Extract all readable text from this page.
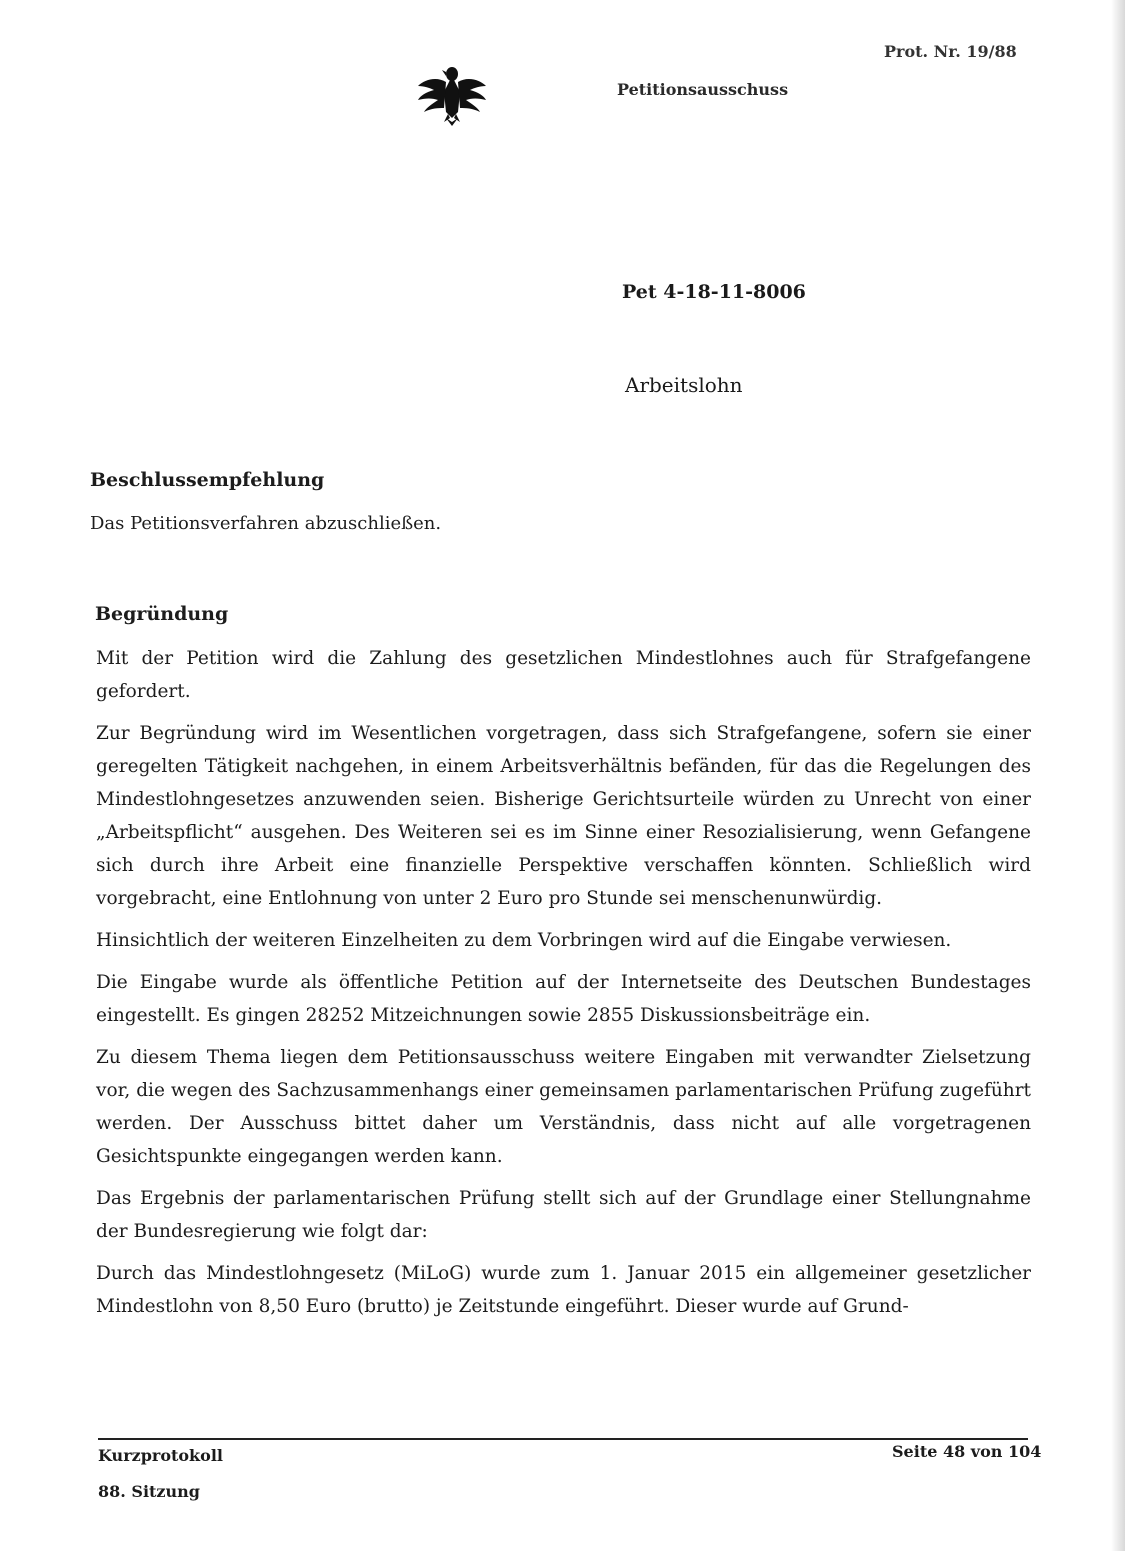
Prot. Nr. 19/88
Petitionsausschuss
Pet 4-18-11-8006
Arbeitslohn
Beschlussempfehlung
Das Petitionsverfahren abzuschließen.
Begründung

Mit der Petition wird die Zahlung des gesetzlichen Mindestlohnes auch für Strafgefangene gefordert.

Zur Begründung wird im Wesentlichen vorgetragen, dass sich Strafgefangene, sofern sie einer geregelten Tätigkeit nachgehen, in einem Arbeitsverhältnis befänden, für das die Regelungen des Mindestlohngesetzes anzuwenden seien. Bisherige Gerichtsurteile würden zu Unrecht von einer „Arbeitspflicht“ ausgehen. Des Weiteren sei es im Sinne einer Resozialisierung, wenn Gefangene sich durch ihre Arbeit eine finanzielle Perspektive verschaffen könnten. Schließlich wird vorgebracht, eine Entlohnung von unter 2 Euro pro Stunde sei menschenunwürdig.

Hinsichtlich der weiteren Einzelheiten zu dem Vorbringen wird auf die Eingabe verwiesen.

Die Eingabe wurde als öffentliche Petition auf der Internetseite des Deutschen Bundestages eingestellt. Es gingen 28252 Mitzeichnungen sowie 2855 Diskussionsbeiträge ein.

Zu diesem Thema liegen dem Petitionsausschuss weitere Eingaben mit verwandter Zielsetzung vor, die wegen des Sachzusammenhangs einer gemeinsamen parlamentarischen Prüfung zugeführt werden. Der Ausschuss bittet daher um Verständnis, dass nicht auf alle vorgetragenen Gesichtspunkte eingegangen werden kann.

Das Ergebnis der parlamentarischen Prüfung stellt sich auf der Grundlage einer Stellungnahme der Bundesregierung wie folgt dar:

Durch das Mindestlohngesetz (MiLoG) wurde zum 1. Januar 2015 ein allgemeiner gesetzlicher Mindestlohn von 8,50 Euro (brutto) je Zeitstunde eingeführt. Dieser wurde auf Grund-

Kurzprotokoll
88. Sitzung
Seite 48 von 104
